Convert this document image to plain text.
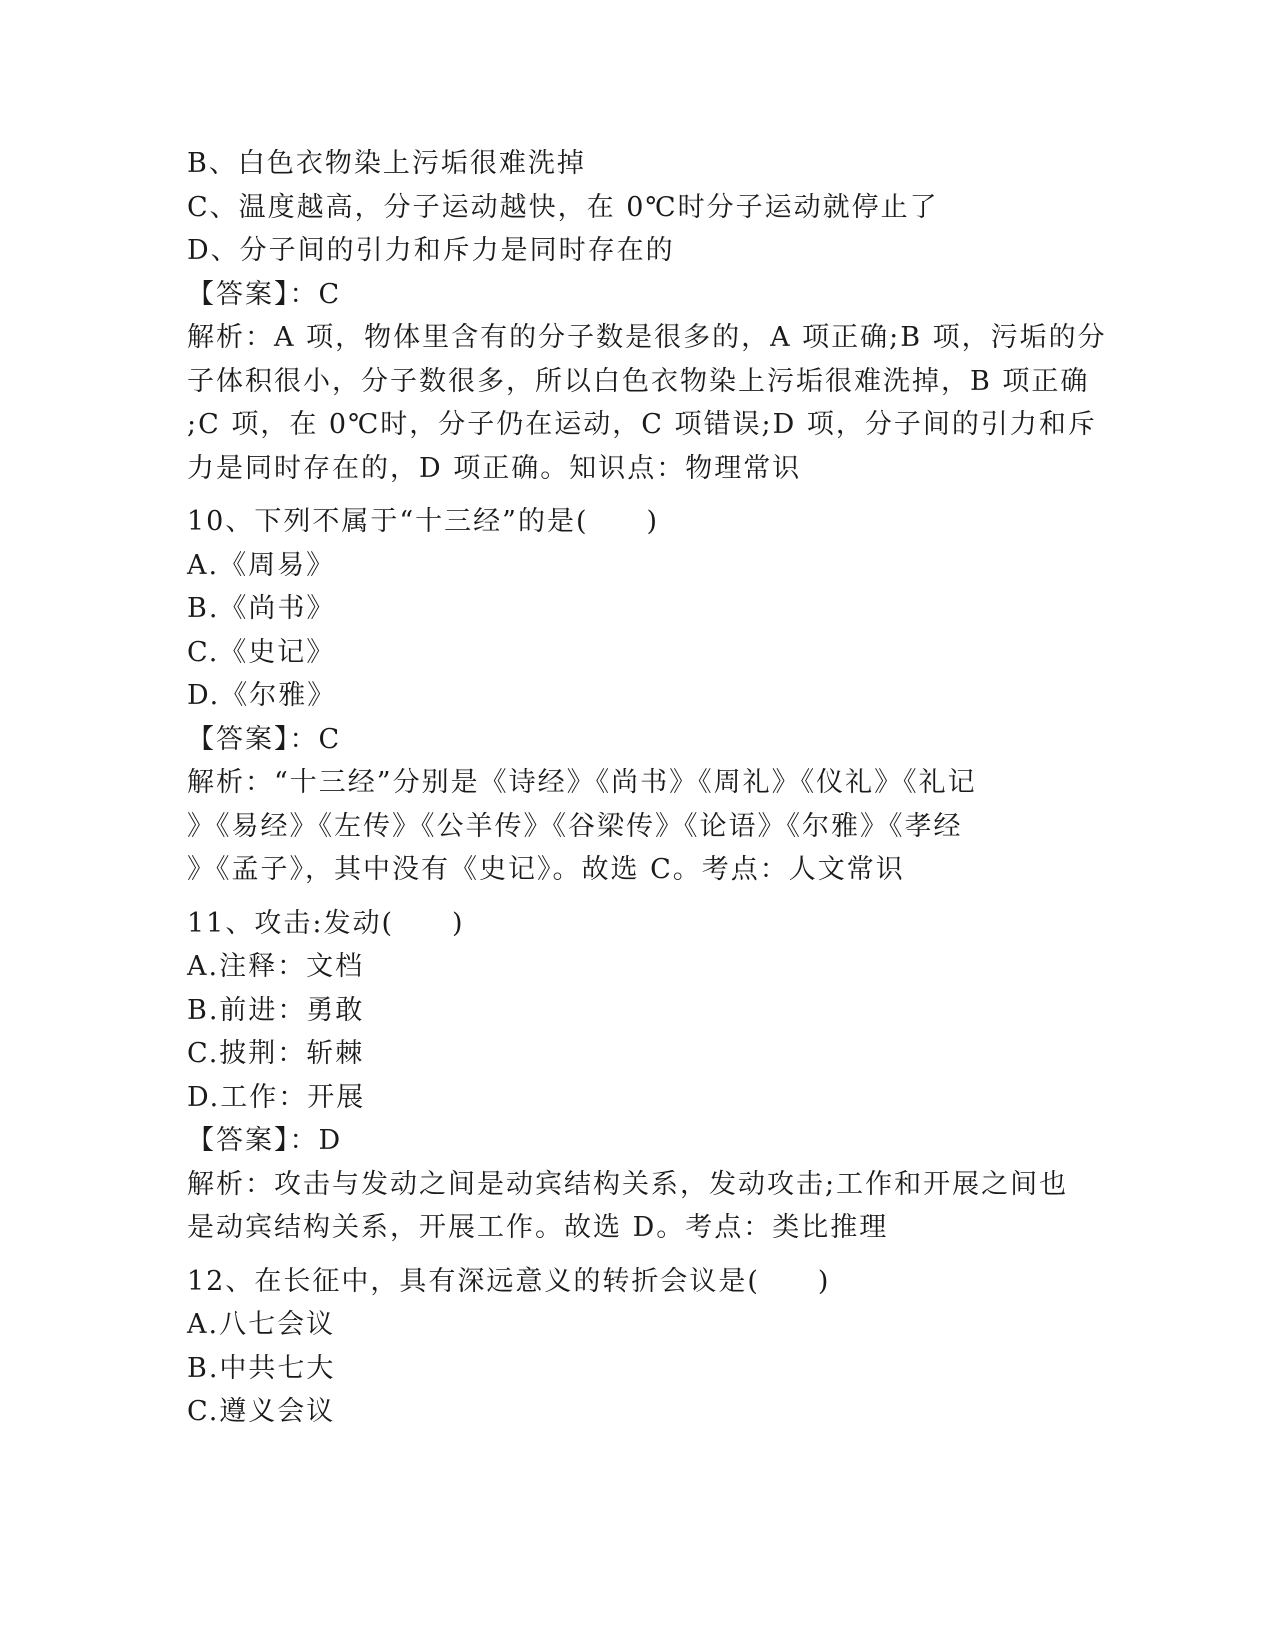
B、白色衣物染上污垢很难洗掉
C、温度越高，分子运动越快，在 0℃时分子运动就停止了
D、分子间的引力和斥力是同时存在的
【答案】：C
解析：A 项，物体里含有的分子数是很多的，A 项正确;B 项，污垢的分
子体积很小，分子数很多，所以白色衣物染上污垢很难洗掉，B 项正确
;C 项，在 0℃时，分子仍在运动，C 项错误;D 项，分子间的引力和斥
力是同时存在的，D 项正确。知识点：物理常识
10、下列不属于“十三经”的是(　　)
A.《周易》
B.《尚书》
C.《史记》
D.《尔雅》
【答案】：C
解析：“十三经”分别是《诗经》《尚书》《周礼》《仪礼》《礼记
》《易经》《左传》《公羊传》《谷梁传》《论语》《尔雅》《孝经
》《孟子》，其中没有《史记》。故选 C。考点：人文常识
11、攻击:发动(　　)
A.注释：文档
B.前进：勇敢
C.披荆：斩棘
D.工作：开展
【答案】：D
解析：攻击与发动之间是动宾结构关系，发动攻击;工作和开展之间也
是动宾结构关系，开展工作。故选 D。考点：类比推理
12、在长征中，具有深远意义的转折会议是(　　)
A.八七会议
B.中共七大
C.遵义会议
